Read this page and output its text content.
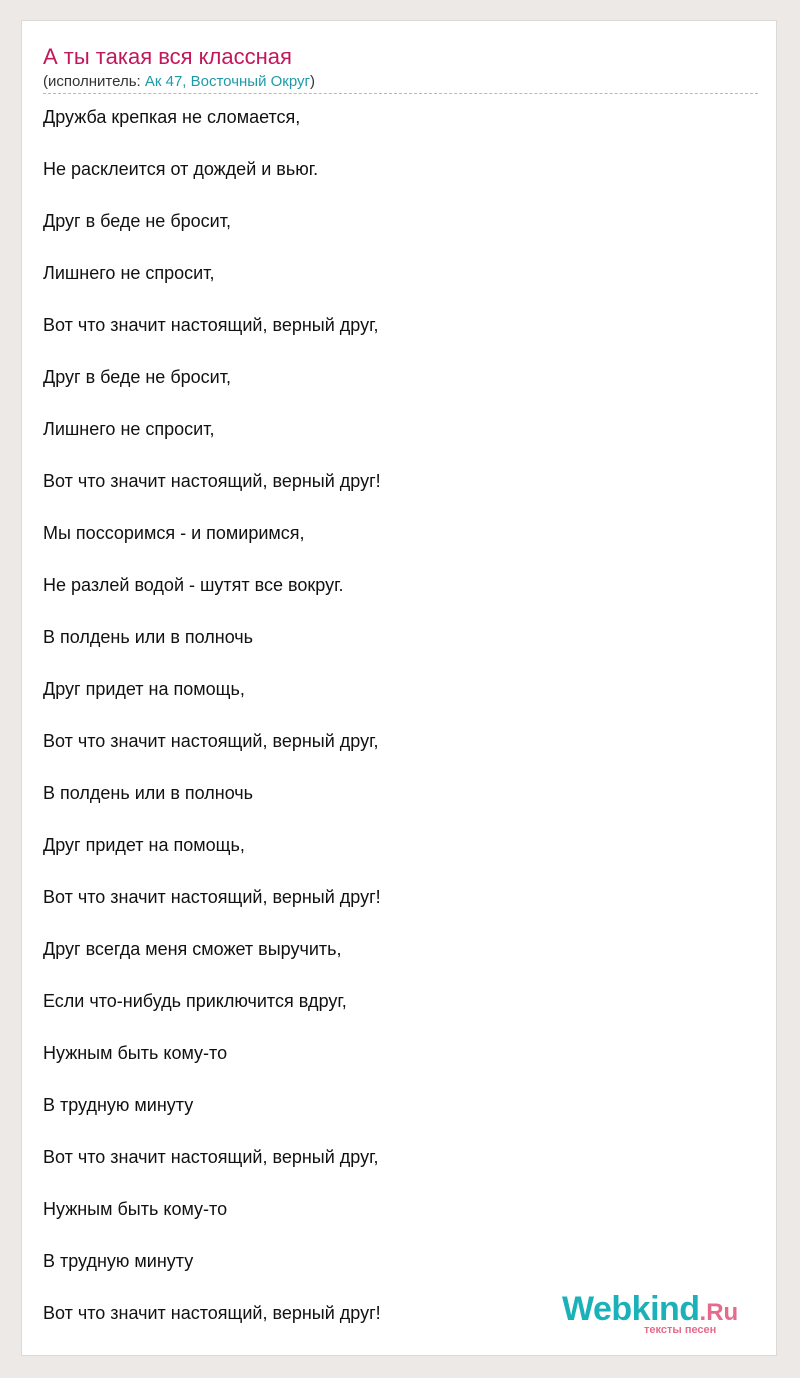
А ты такая вся классная
(исполнитель: Ак 47, Восточный Округ)
Дружба крепкая не сломается,
Не расклеится от дождей и вьюг.
Друг в беде не бросит,
Лишнего не спросит,
Вот что значит настоящий, верный друг,
Друг в беде не бросит,
Лишнего не спросит,
Вот что значит настоящий, верный друг!
Мы поссоримся - и помиримся,
Не разлей водой - шутят все вокруг.
В полдень или в полночь
Друг придет на помощь,
Вот что значит настоящий, верный друг,
В полдень или в полночь
Друг придет на помощь,
Вот что значит настоящий, верный друг!
Друг всегда меня сможет выручить,
Если что-нибудь приключится вдруг,
Нужным быть кому-то
В трудную минуту
Вот что значит настоящий, верный друг,
Нужным быть кому-то
В трудную минуту
Вот что значит настоящий, верный друг!	Webkind.Ru
тексты песен
